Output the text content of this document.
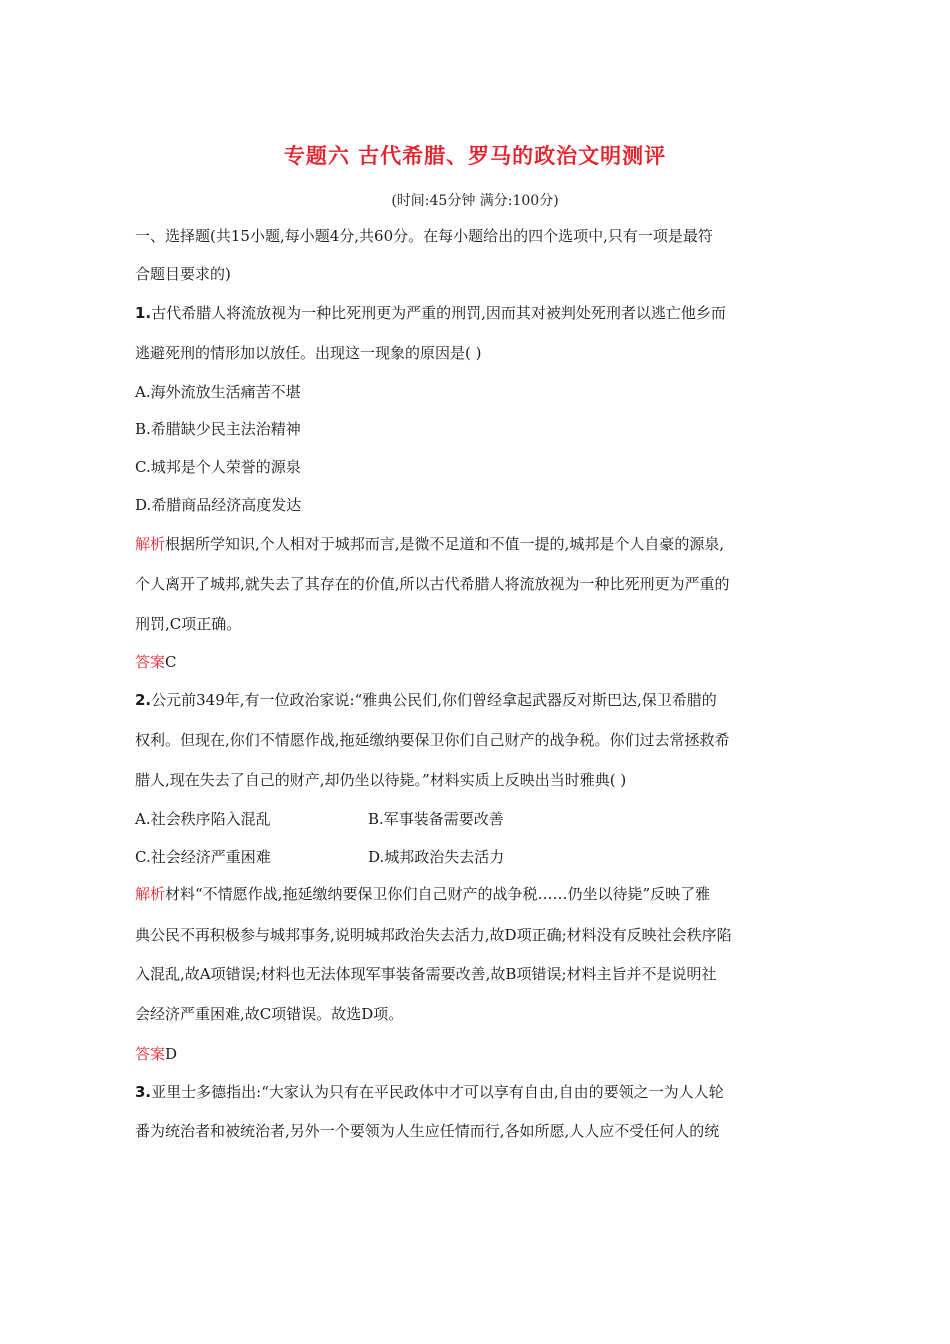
专题六 古代希腊、罗马的政治文明测评
(时间:45分钟 满分:100分)
一、选择题(共15小题,每小题4分,共60分。在每小题给出的四个选项中,只有一项是最符
合题目要求的)
1.古代希腊人将流放视为一种比死刑更为严重的刑罚,因而其对被判处死刑者以逃亡他乡而
逃避死刑的情形加以放任。出现这一现象的原因是( )
A.海外流放生活痛苦不堪
B.希腊缺少民主法治精神
C.城邦是个人荣誉的源泉
D.希腊商品经济高度发达
解析根据所学知识,个人相对于城邦而言,是微不足道和不值一提的,城邦是个人自豪的源泉,
个人离开了城邦,就失去了其存在的价值,所以古代希腊人将流放视为一种比死刑更为严重的
刑罚,C项正确。
答案C
2.公元前349年,有一位政治家说:“雅典公民们,你们曾经拿起武器反对斯巴达,保卫希腊的
权利。但现在,你们不情愿作战,拖延缴纳要保卫你们自己财产的战争税。你们过去常拯救希
腊人,现在失去了自己的财产,却仍坐以待毙。”材料实质上反映出当时雅典( )
A.社会秩序陷入混乱	B.军事装备需要改善
C.社会经济严重困难	D.城邦政治失去活力
解析材料“不情愿作战,拖延缴纳要保卫你们自己财产的战争税……仍坐以待毙”反映了雅
典公民不再积极参与城邦事务,说明城邦政治失去活力,故D项正确;材料没有反映社会秩序陷
入混乱,故A项错误;材料也无法体现军事装备需要改善,故B项错误;材料主旨并不是说明社
会经济严重困难,故C项错误。故选D项。
答案D
3.亚里士多德指出:“大家认为只有在平民政体中才可以享有自由,自由的要领之一为人人轮
番为统治者和被统治者,另外一个要领为人生应任情而行,各如所愿,人人应不受任何人的统
